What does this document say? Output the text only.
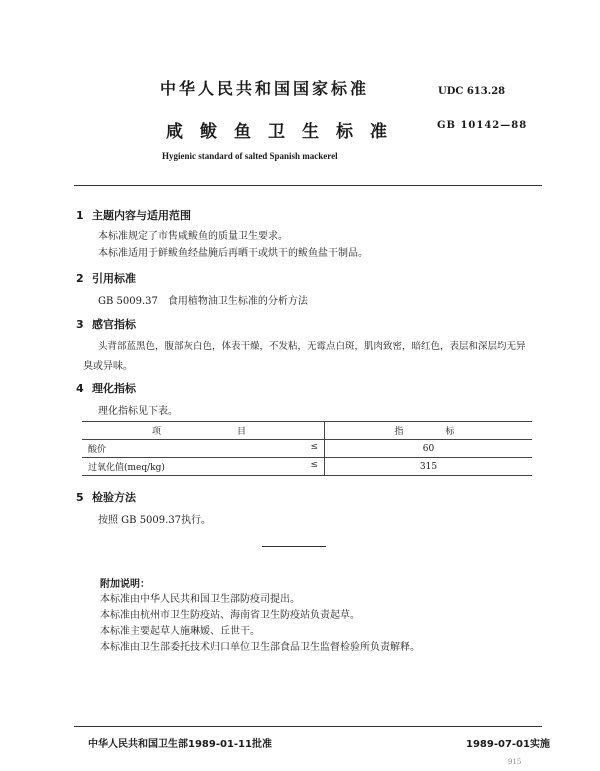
中华人民共和国国家标准	UDC 613.28
咸鲅鱼卫生标准	GB 10142—88
Hygienic standard of salted Spanish mackerel
1 主题内容与适用范围
本标准规定了市售咸鲅鱼的质量卫生要求。
本标准适用于鲜鲅鱼经盐腌后再晒干或烘干的鲅鱼盐干制品。
2 引用标准
GB 5009.37　食用植物油卫生标准的分析方法
3 感官指标
头背部蓝黑色，腹部灰白色，体表干燥，不发粘，无霉点白斑，肌肉致密，暗红色，表层和深层均无异
臭或异味。
4 理化指标
理化指标见下表。
项　　　　目	指　　标
酸价 ≤	60
过氧化值(meq/kg) ≤	315
5 检验方法
按照 GB 5009.37执行。
附加说明：
本标准由中华人民共和国卫生部防疫司提出。
本标准由杭州市卫生防疫站、海南省卫生防疫站负责起草。
本标准主要起草人施琳嫒、丘世干。
本标准由卫生部委托技术归口单位卫生部食品卫生监督检验所负责解释。
中华人民共和国卫生部1989-01-11批准	1989-07-01实施
915
